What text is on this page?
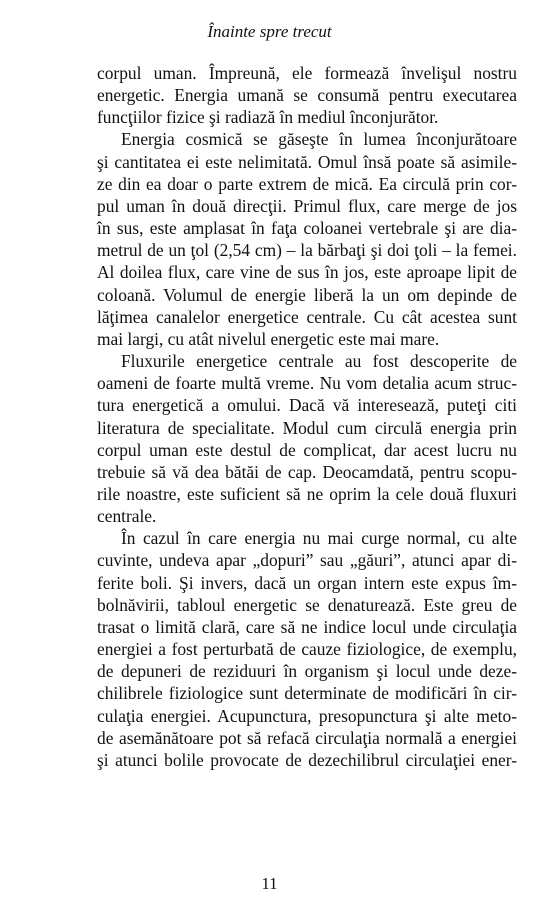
Înainte spre trecut

corpul uman. Împreună, ele formează învelişul nostru
energetic. Energia umană se consumă pentru executarea
funcţiilor fizice şi radiază în mediul înconjurător.

Energia cosmică se găseşte în lumea înconjurătoare
şi cantitatea ei este nelimitată. Omul însă poate să asimile-
ze din ea doar o parte extrem de mică. Ea circulă prin cor-
pul uman în două direcţii. Primul flux, care merge de jos
în sus, este amplasat în faţa coloanei vertebrale şi are dia-
metrul de un ţol (2,54 cm) – la bărbaţi şi doi ţoli – la femei.
Al doilea flux, care vine de sus în jos, este aproape lipit de
coloană. Volumul de energie liberă la un om depinde de
lăţimea canalelor energetice centrale. Cu cât acestea sunt
mai largi, cu atât nivelul energetic este mai mare.

Fluxurile energetice centrale au fost descoperite de
oameni de foarte multă vreme. Nu vom detalia acum struc-
tura energetică a omului. Dacă vă interesează, puteţi citi
literatura de specialitate. Modul cum circulă energia prin
corpul uman este destul de complicat, dar acest lucru nu
trebuie să vă dea bătăi de cap. Deocamdată, pentru scopu-
rile noastre, este suficient să ne oprim la cele două fluxuri
centrale.

În cazul în care energia nu mai curge normal, cu alte
cuvinte, undeva apar „dopuri” sau „găuri”, atunci apar di-
ferite boli. Şi invers, dacă un organ intern este expus îm-
bolnăvirii, tabloul energetic se denaturează. Este greu de
trasat o limită clară, care să ne indice locul unde circulaţia
energiei a fost perturbată de cauze fiziologice, de exemplu,
de depuneri de reziduuri în organism şi locul unde deze-
chilibrele fiziologice sunt determinate de modificări în cir-
culaţia energiei. Acupunctura, presopunctura şi alte meto-
de asemănătoare pot să refacă circulaţia normală a energiei
şi atunci bolile provocate de dezechilibrul circulaţiei ener-

11
